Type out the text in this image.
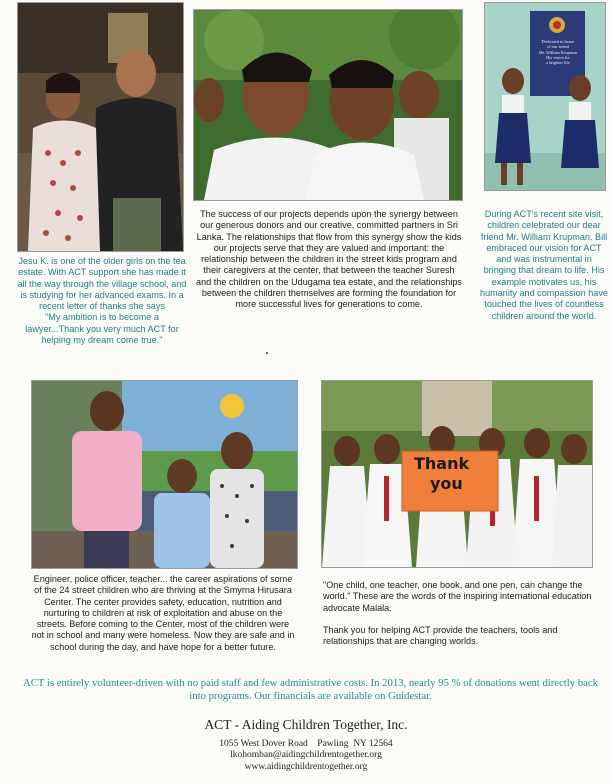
Dedicated in honor
of our friend
Mr. William Krupman
His vision for
a brighter life

Jesu K. is one of the older girls on the tea estate. With ACT support she has made it all the way through the village school, and is studying for her advanced exams. In a recent letter of thanks she says

"My ambition is to become a lawyer...Thank you very much ACT for helping my dream come true."

The success of our projects depends upon the synergy between our generous donors and our creative, committed partners in Sri Lanka. The relationships that flow from this synergy show the kids our projects serve that they are valued and important: the relationship between the children in the street kids program and their caregivers at the center, that between the teacher Suresh and the children on the Udugama tea estate, and the relationships between the children themselves are forming the foundation for more successful lives for generations to come.

During ACT's recent site visit, children celebrated our dear friend Mr. William Krupman. Bill embraced our vision for ACT and was instrumental in bringing that dream to life. His example motivates us, his humanity and compassion have touched the lives of countless children around the world.

Thank
you

Engineer, police officer, teacher... the career aspirations of some of the 24 street children who are thriving at the Smyrna Hirusara Center. The center provides safety, education, nutrition and nurturing to children at risk of exploitation and abuse on the streets. Before coming to the Center, most of the children were not in school and many were homeless. Now they are safe and in school during the day, and have hope for a better future.

"One child, one teacher, one book, and one pen, can change the world." These are the words of the inspiring international education advocate Malala.

Thank you for helping ACT provide the teachers, tools and relationships that are changing worlds.

ACT is entirely volunteer-driven with no paid staff and few administrative costs. In 2013, nearly 95 % of donations went directly back into programs. Our financials are available on Guidestar.

ACT - Aiding Children Together, Inc.
1055 West Dover Road    Pawling  NY 12564
lkohomban@aidingchildrentogether.org
www.aidingchildrentogether.org
